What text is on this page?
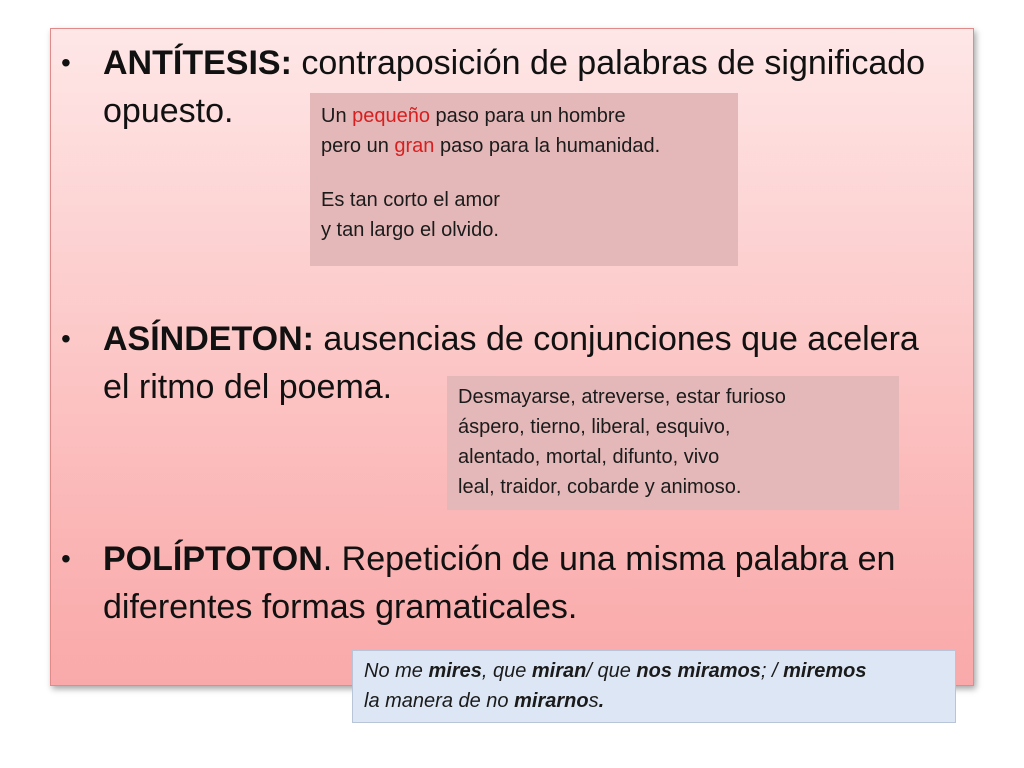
• ANTÍTESIS: contraposición de palabras de significado
opuesto.
• ASÍNDETON: ausencias de conjunciones que acelera
el ritmo del poema.
• POLÍPTOTON. Repetición de una misma palabra en
diferentes formas gramaticales.
Un pequeño paso para un hombre
pero un gran paso para la humanidad.
Es tan corto el amor
y tan largo el olvido.
Desmayarse, atreverse, estar furioso
áspero, tierno, liberal, esquivo,
alentado, mortal, difunto, vivo
leal, traidor, cobarde y animoso.
No me mires, que miran/ que nos miramos; / miremos
la manera de no mirarnos.
